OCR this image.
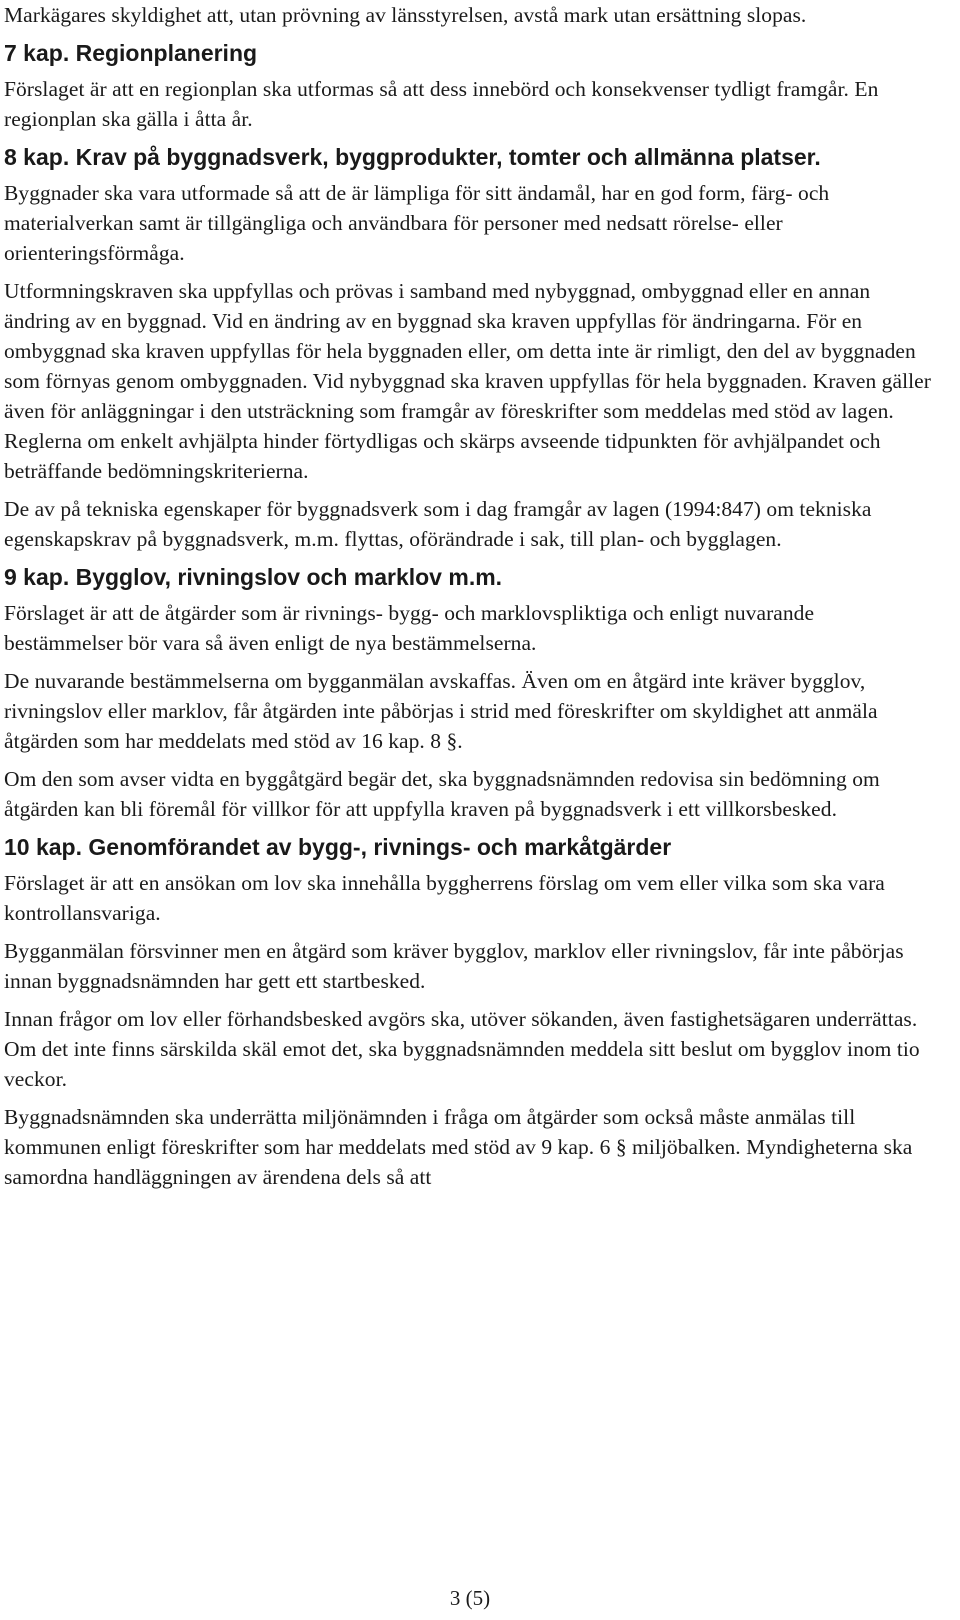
Markägares skyldighet att, utan prövning av länsstyrelsen, avstå mark utan ersättning slopas.

7 kap. Regionplanering

Förslaget är att en regionplan ska utformas så att dess innebörd och konsekvenser tydligt framgår. En regionplan ska gälla i åtta år.

8 kap. Krav på byggnadsverk, byggprodukter, tomter och allmänna platser.

Byggnader ska vara utformade så att de är lämpliga för sitt ändamål, har en god form, färg- och materialverkan samt är tillgängliga och användbara för personer med nedsatt rörelse- eller orienteringsförmåga.

Utformningskraven ska uppfyllas och prövas i samband med nybyggnad, ombyggnad eller en annan ändring av en byggnad. Vid en ändring av en byggnad ska kraven uppfyllas för ändringarna. För en ombyggnad ska kraven uppfyllas för hela byggnaden eller, om detta inte är rimligt, den del av byggnaden som förnyas genom ombyggnaden. Vid nybyggnad ska kraven uppfyllas för hela byggnaden. Kraven gäller även för anläggningar i den utsträckning som framgår av föreskrifter som meddelas med stöd av lagen. Reglerna om enkelt avhjälpta hinder förtydligas och skärps avseende tidpunkten för avhjälpandet och beträffande bedömningskriterierna.

De av på tekniska egenskaper för byggnadsverk som i dag framgår av lagen (1994:847) om tekniska egenskapskrav på byggnadsverk, m.m. flyttas, oförändrade i sak, till plan- och bygglagen.

9 kap. Bygglov, rivningslov och marklov m.m.

Förslaget är att de åtgärder som är rivnings- bygg- och marklovspliktiga och enligt nuvarande bestämmelser bör vara så även enligt de nya bestämmelserna.

De nuvarande bestämmelserna om bygganmälan avskaffas. Även om en åtgärd inte kräver bygglov, rivningslov eller marklov, får åtgärden inte påbörjas i strid med föreskrifter om skyldighet att anmäla åtgärden som har meddelats med stöd av 16 kap. 8 §.

Om den som avser vidta en byggåtgärd begär det, ska byggnadsnämnden redovisa sin bedömning om åtgärden kan bli föremål för villkor för att uppfylla kraven på byggnadsverk i ett villkorsbesked.

10 kap. Genomförandet av bygg-, rivnings- och markåtgärder

Förslaget är att en ansökan om lov ska innehålla byggherrens förslag om vem eller vilka som ska vara kontrollansvariga.

Bygganmälan försvinner men en åtgärd som kräver bygglov, marklov eller rivningslov, får inte påbörjas innan byggnadsnämnden har gett ett startbesked.

Innan frågor om lov eller förhandsbesked avgörs ska, utöver sökanden, även fastighetsägaren underrättas. Om det inte finns särskilda skäl emot det, ska byggnadsnämnden meddela sitt beslut om bygglov inom tio veckor.

Byggnadsnämnden ska underrätta miljönämnden i fråga om åtgärder som också måste anmälas till kommunen enligt föreskrifter som har meddelats med stöd av 9 kap. 6 § miljöbalken. Myndigheterna ska samordna handläggningen av ärendena dels så att

3 (5)
